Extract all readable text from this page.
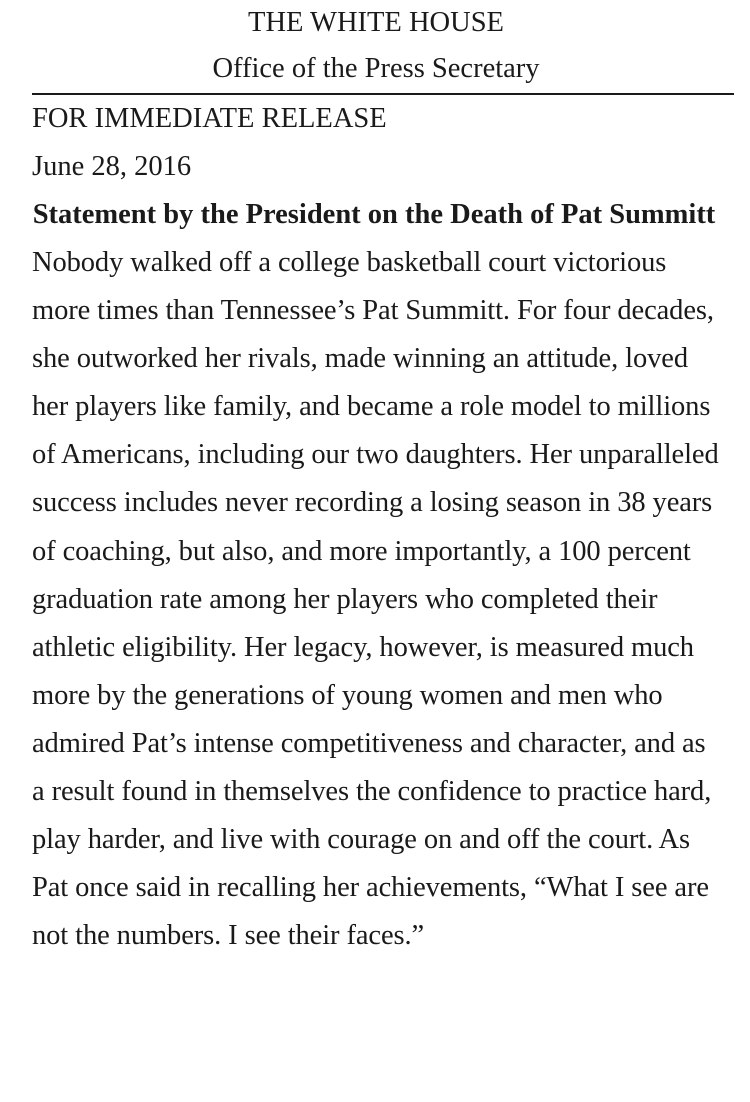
THE WHITE HOUSE

Office of the Press Secretary

FOR IMMEDIATE RELEASE

June 28, 2016

Statement by the President on the Death of Pat Summitt

Nobody walked off a college basketball court victorious more times than Tennessee’s Pat Summitt. For four decades, she outworked her rivals, made winning an attitude, loved her players like family, and became a role model to millions of Americans, including our two daughters. Her unparalleled success includes never recording a losing season in 38 years of coaching, but also, and more importantly, a 100 percent graduation rate among her players who completed their athletic eligibility. Her legacy, however, is measured much more by the generations of young women and men who admired Pat’s intense competitiveness and character, and as a result found in themselves the confidence to practice hard, play harder, and live with courage on and off the court. As Pat once said in recalling her achievements, “What I see are not the numbers. I see their faces.”
